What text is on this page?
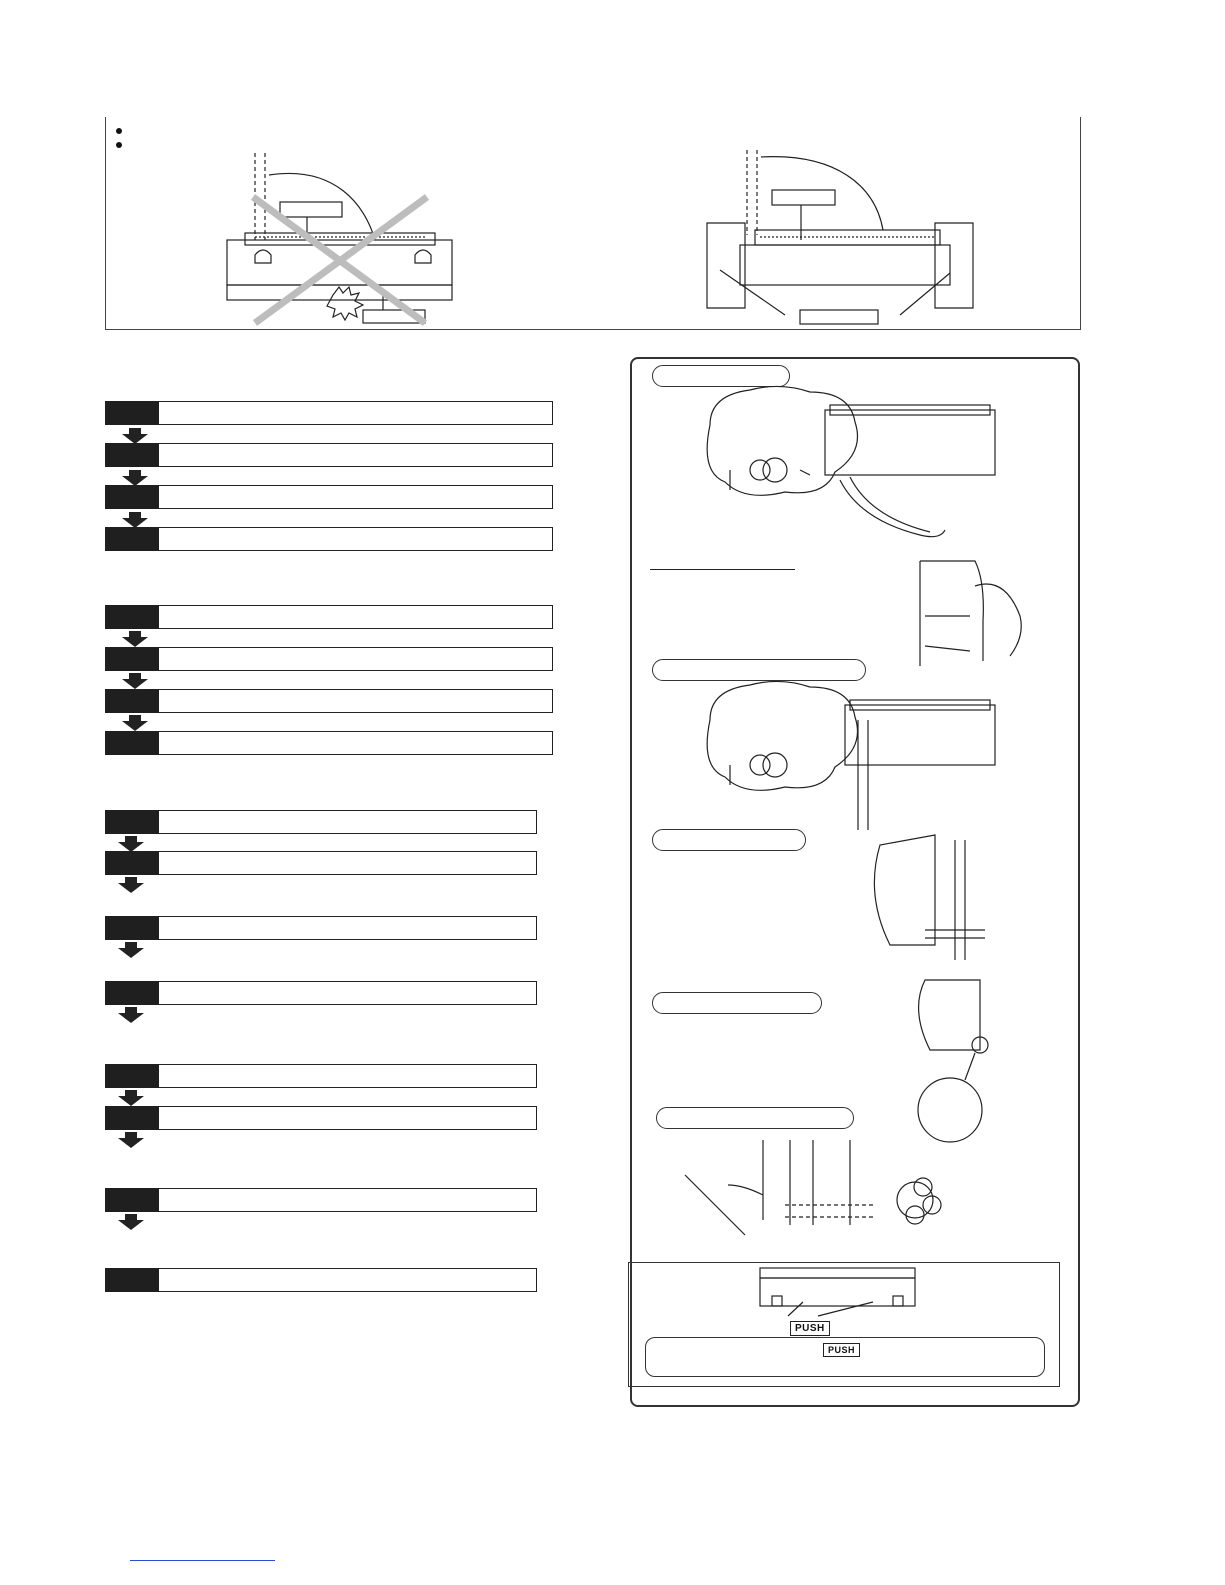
PUSH
PUSH
